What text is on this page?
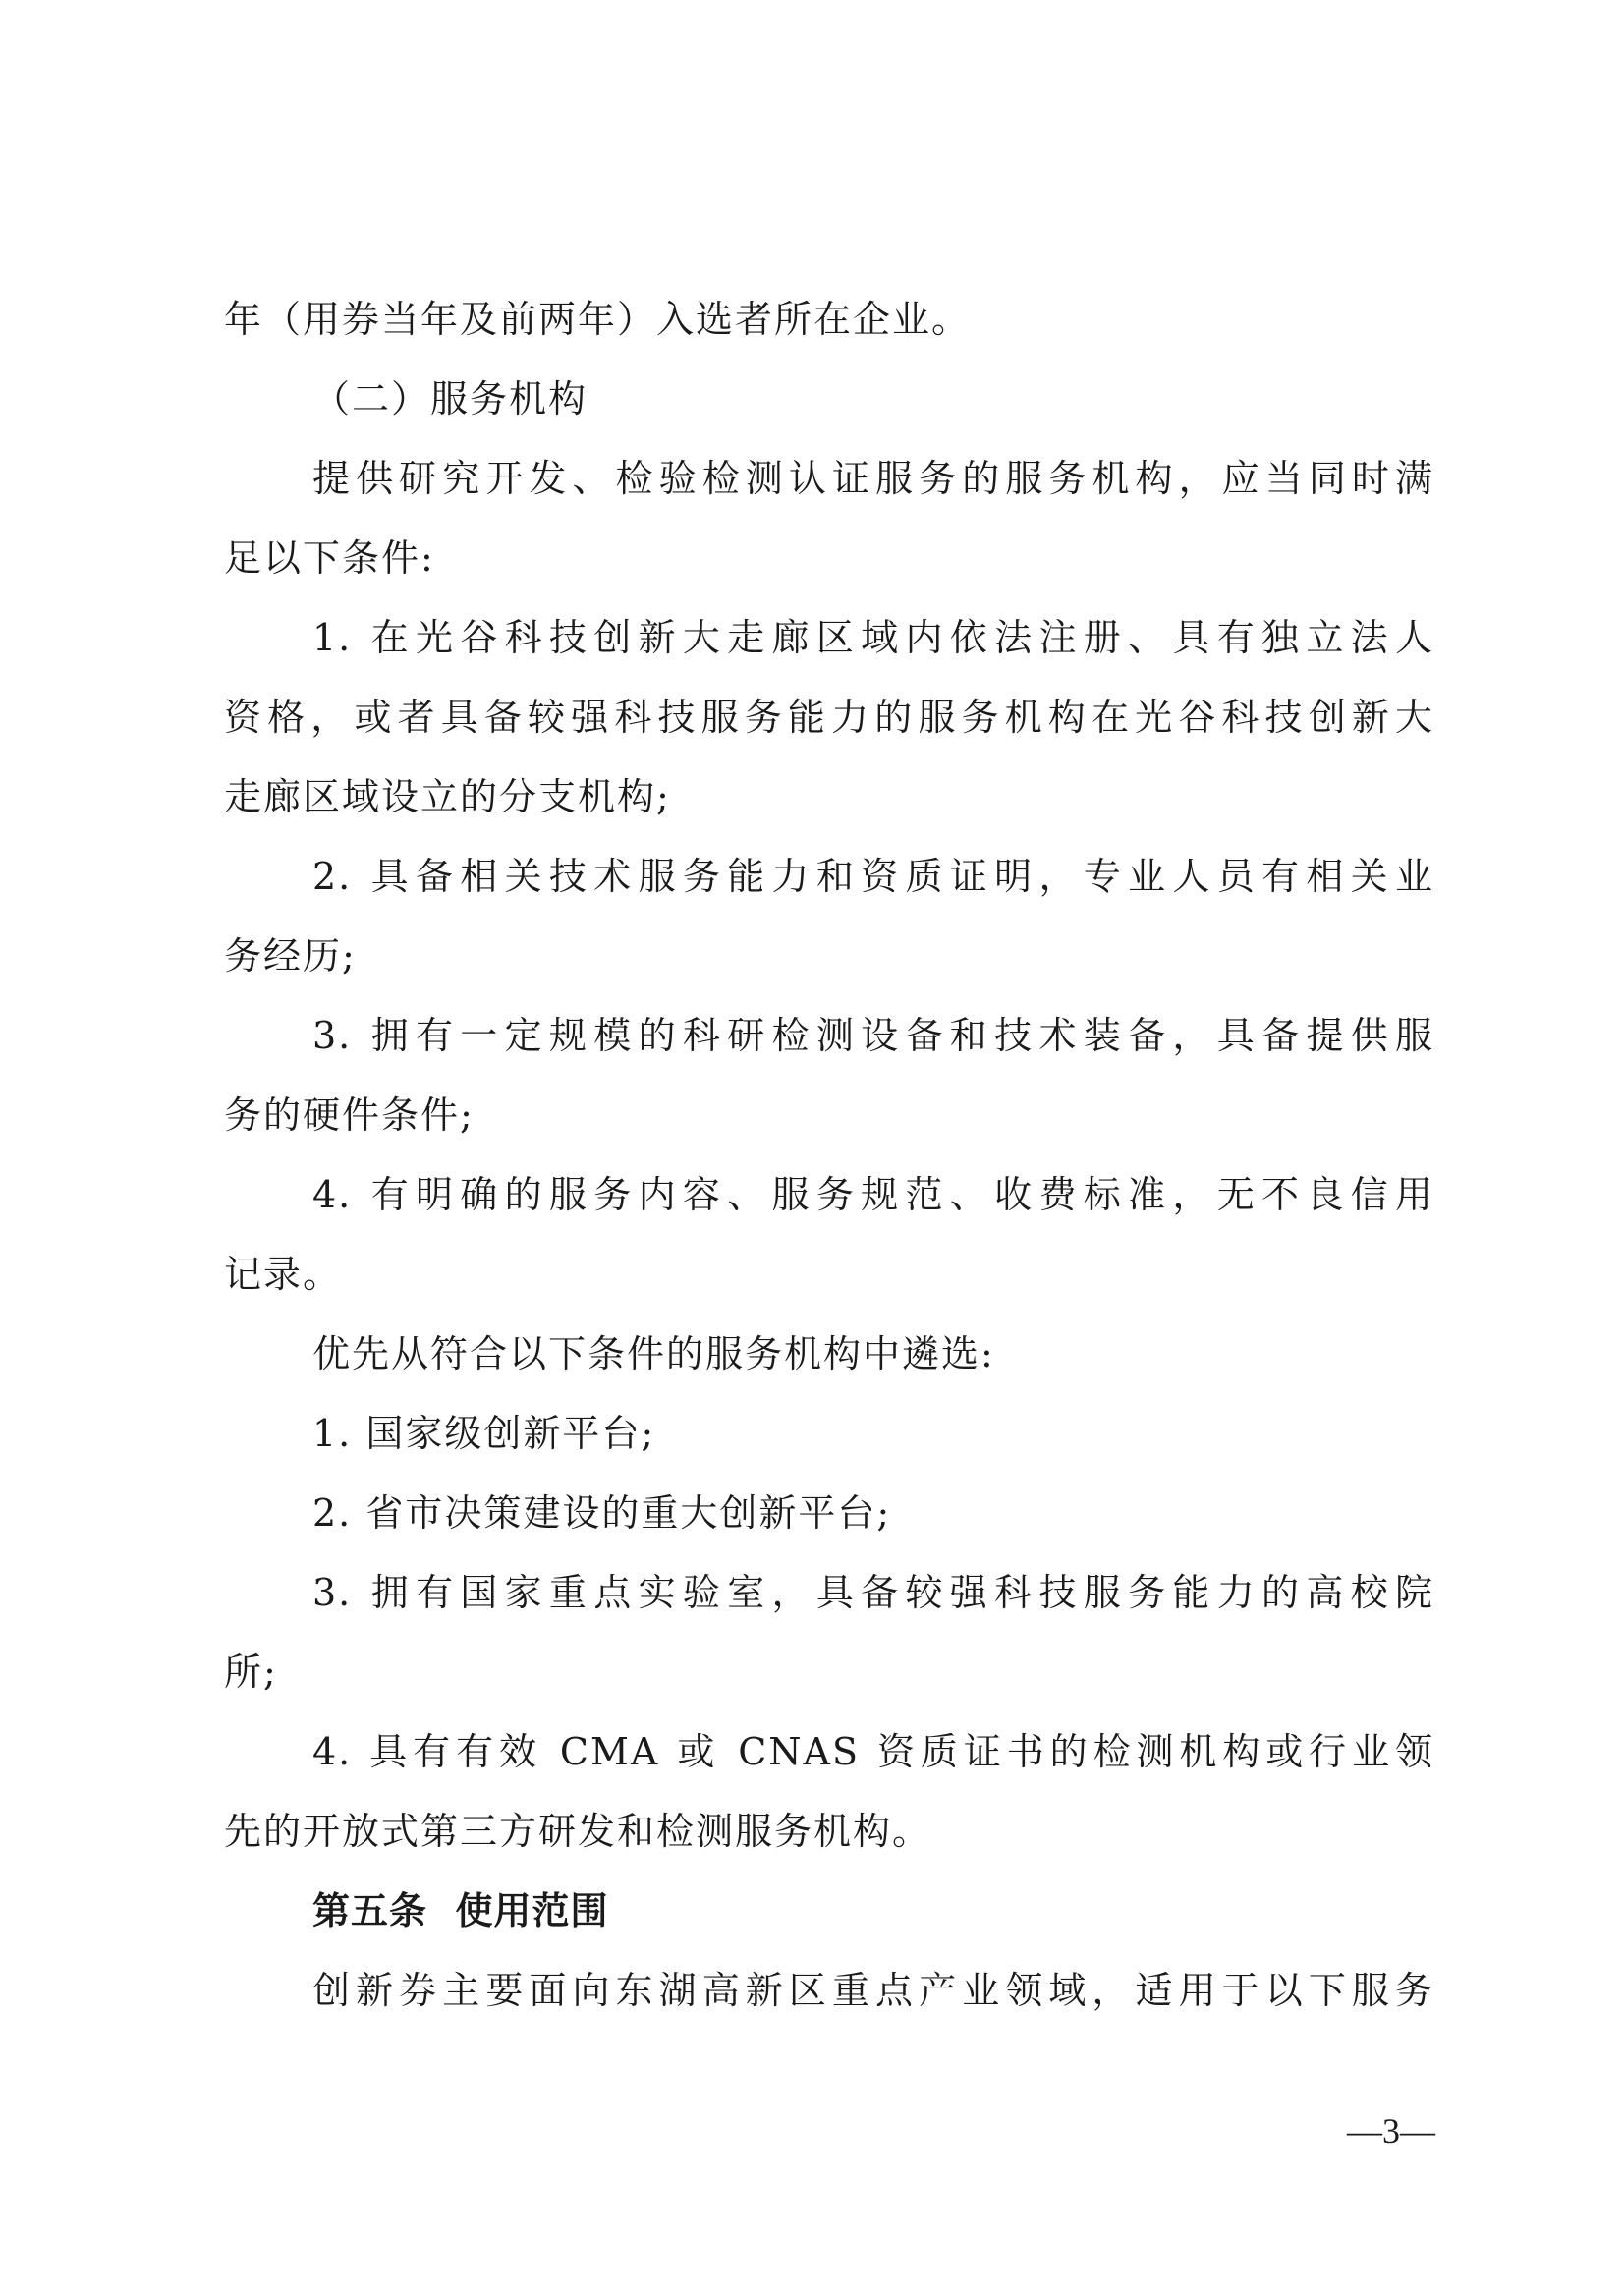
年（用券当年及前两年）入选者所在企业。
（二）服务机构
提供研究开发、检验检测认证服务的服务机构，应当同时满
足以下条件:
1. 在光谷科技创新大走廊区域内依法注册、具有独立法人
资格，或者具备较强科技服务能力的服务机构在光谷科技创新大
走廊区域设立的分支机构;
2. 具备相关技术服务能力和资质证明，专业人员有相关业
务经历;
3. 拥有一定规模的科研检测设备和技术装备，具备提供服
务的硬件条件;
4. 有明确的服务内容、服务规范、收费标准，无不良信用
记录。
优先从符合以下条件的服务机构中遴选:
1. 国家级创新平台;
2. 省市决策建设的重大创新平台;
3. 拥有国家重点实验室，具备较强科技服务能力的高校院
所;
4. 具有有效 CMA 或 CNAS 资质证书的检测机构或行业领
先的开放式第三方研发和检测服务机构。
第五条  使用范围
创新券主要面向东湖高新区重点产业领域，适用于以下服务
—3—
